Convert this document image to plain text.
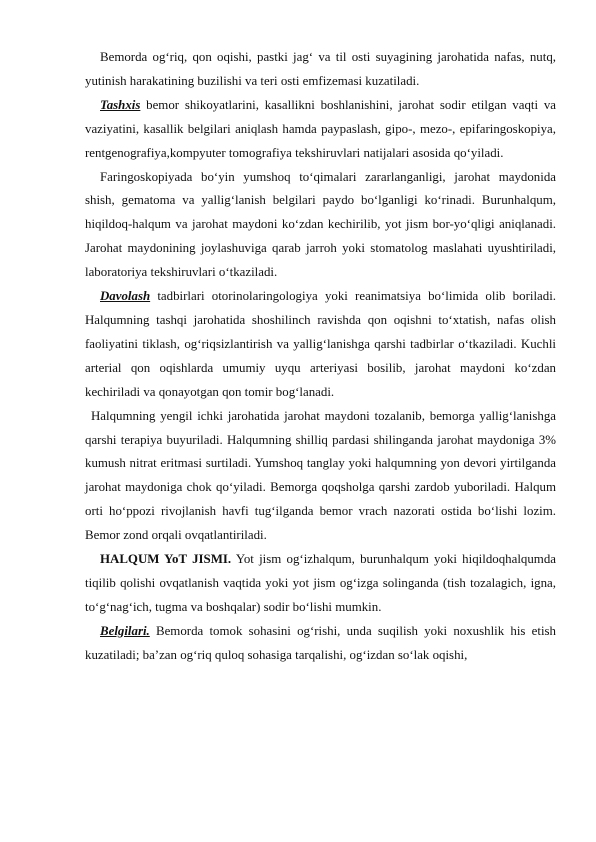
Bemorda og‘riq, qon oqishi, pastki jag‘ va til osti suyagining jarohatida nafas, nutq, yutinish harakatining buzilishi va teri osti emfizemasi kuzatiladi.

Tashxis bemor shikoyatlarini, kasallikni boshlanishini, jarohat sodir etilgan vaqti va vaziyatini, kasallik belgilari aniqlash hamda paypaslash, gipo-, mezo-, epifaringoskopiya, rentgenografiya,kompyuter tomografiya tekshiruvlari natijalari asosida qo‘yiladi.

Faringoskopiyada bo‘yin yumshoq to‘qimalari zararlanganligi, jarohat maydonida shish, gematoma va yallig‘lanish belgilari paydo bo‘lganligi ko‘rinadi. Burunhalqum, hiqildoq-halqum va jarohat maydoni ko‘zdan kechirilib, yot jism bor-yo‘qligi aniqlanadi. Jarohat maydonining joylashuviga qarab jarroh yoki stomatolog maslahati uyushtiriladi, laboratoriya tekshiruvlari o‘tkaziladi.

Davolash tadbirlari otorinolaringologiya yoki reanimatsiya bo‘limida olib boriladi. Halqumning tashqi jarohatida shoshilinch ravishda qon oqishni to‘xtatish, nafas olish faoliyatini tiklash, og‘riqsizlantirish va yallig‘lanishga qarshi tadbirlar o‘tkaziladi. Kuchli arterial qon oqishlarda umumiy uyqu arteriyasi bosilib, jarohat maydoni ko‘zdan kechiriladi va qonayotgan qon tomir bog‘lanadi.

Halqumning yengil ichki jarohatida jarohat maydoni tozalanib, bemorga yallig‘lanishga qarshi terapiya buyuriladi. Halqumning shilliq pardasi shilinganda jarohat maydoniga 3% kumush nitrat eritmasi surtiladi. Yumshoq tanglay yoki halqumning yon devori yirtilganda jarohat maydoniga chok qo‘yiladi. Bemorga qoqsholga qarshi zardob yuboriladi. Halqum orti ho‘ppozi rivojlanish havfi tug‘ilganda bemor vrach nazorati ostida bo‘lishi lozim. Bemor zond orqali ovqatlantiriladi.

HALQUM YoT JISMI. Yot jism og‘izhalqum, burunhalqum yoki hiqildoqhalqumda tiqilib qolishi ovqatlanish vaqtida yoki yot jism og‘izga solinganda (tish tozalagich, igna, to‘g‘nag‘ich, tugma va boshqalar) sodir bo‘lishi mumkin.

Belgilari. Bemorda tomok sohasini og‘rishi, unda suqilish yoki noxushlik his etish kuzatiladi; ba’zan og‘riq quloq sohasiga tarqalishi, og‘izdan so‘lak oqishi,
